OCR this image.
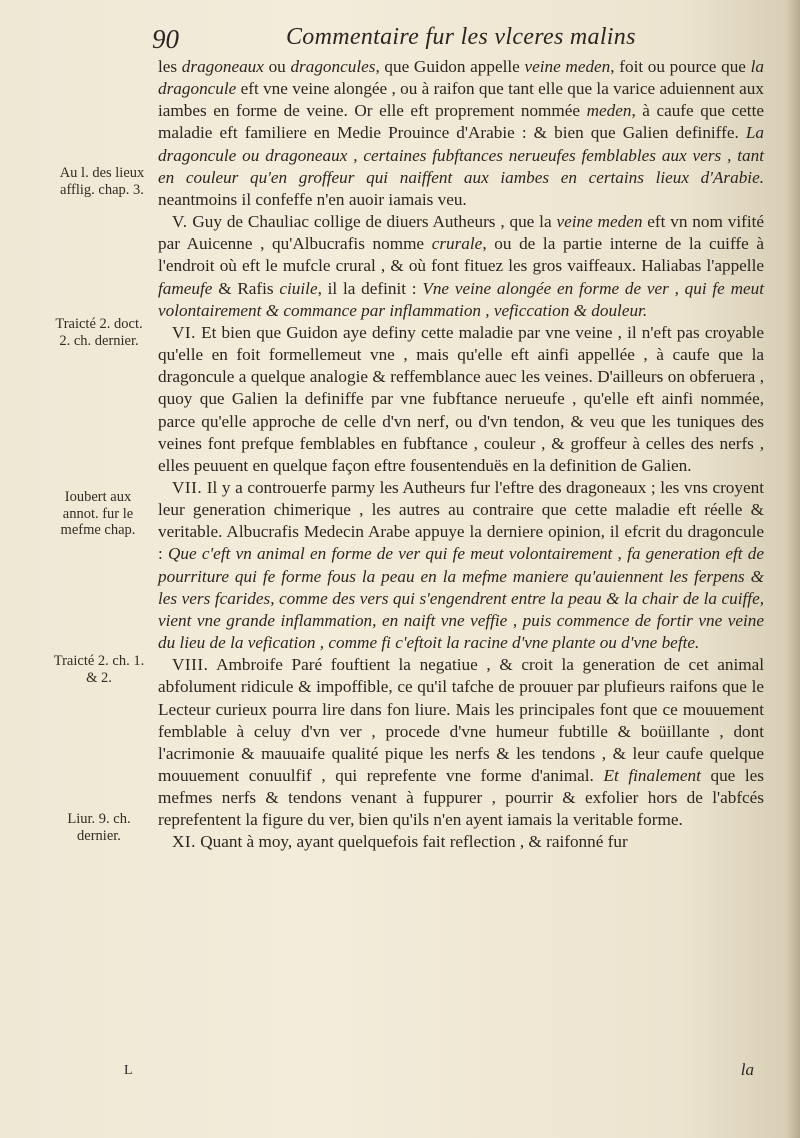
90	Commentaire fur les vlceres malins
Au l. des lieux afflig. chap. 3.
Traicté 2. doct. 2. ch. dernier.
Ioubert aux annot. fur le mefme chap.
Traicté 2. ch. 1. & 2.
Liur. 9. ch. dernier.

les dragoneaux ou dragoncules, que Guidon appelle veine meden, foit ou pource que la dragoncule eft vne veine alongée , ou à raifon que tant elle que la varice aduiennent aux iambes en forme de veine. Or elle eft proprement nommée meden, à caufe que cette maladie eft familiere en Medie Prouince d'Arabie : & bien que Galien definiffe. La dragoncule ou dragoneaux , certaines fubftances nerueufes femblables aux vers , tant en couleur qu'en groffeur qui naiffent aux iambes en certains lieux d'Arabie. neantmoins il confeffe n'en auoir iamais veu.

V. Guy de Chauliac collige de diuers Autheurs , que la veine meden eft vn nom vifité par Auicenne , qu'Albucrafis nomme crurale, ou de la partie interne de la cuiffe à l'endroit où eft le mufcle crural , & où font fituez les gros vaiffeaux. Haliabas l'appelle fameufe & Rafis ciuile, il la definit : Vne veine alongée en forme de ver , qui fe meut volontairement & commance par inflammation , veficcation & douleur.

VI. Et bien que Guidon aye definy cette maladie par vne veine , il n'eft pas croyable qu'elle en foit formellemeut vne , mais qu'elle eft ainfi appellée , à caufe que la dragoncule a quelque analogie & reffemblance auec les veines. D'ailleurs on obferuera , quoy que Galien la definiffe par vne fubftance nerueufe , qu'elle eft ainfi nommée, parce qu'elle approche de celle d'vn nerf, ou d'vn tendon, & veu que les tuniques des veines font prefque femblables en fubftance , couleur , & groffeur à celles des nerfs , elles peuuent en quelque façon eftre fousentenduës en la definition de Galien.

VII. Il y a controuerfe parmy les Autheurs fur l'eftre des dragoneaux ; les vns croyent leur generation chimerique , les autres au contraire que cette maladie eft réelle & veritable. Albucrafis Medecin Arabe appuye la derniere opinion, il efcrit du dragoncule : Que c'eft vn animal en forme de ver qui fe meut volontairement , fa generation eft de pourriture qui fe forme fous la peau en la mefme maniere qu'auiennent les ferpens & les vers fcarides, comme des vers qui s'engendrent entre la peau & la chair de la cuiffe, vient vne grande inflammation, en naift vne veffie , puis commence de fortir vne veine du lieu de la vefication , comme fi c'eftoit la racine d'vne plante ou d'vne befte.

VIII. Ambroife Paré fouftient la negatiue , & croit la generation de cet animal abfolument ridicule & impoffible, ce qu'il tafche de prouuer par plufieurs raifons que le Lecteur curieux pourra lire dans fon liure. Mais les principales font que ce mouuement femblable à celuy d'vn ver , procede d'vne humeur fubtille & boüillante , dont l'acrimonie & mauuaife qualité pique les nerfs & les tendons , & leur caufe quelque mouuement conuulfif , qui reprefente vne forme d'animal. Et finalement que les mefmes nerfs & tendons venant à fuppurer , pourrir & exfolier hors de l'abfcés reprefentent la figure du ver, bien qu'ils n'en ayent iamais la veritable forme.

XI. Quant à moy, ayant quelquefois fait reflection , & raifonné fur

L	la
